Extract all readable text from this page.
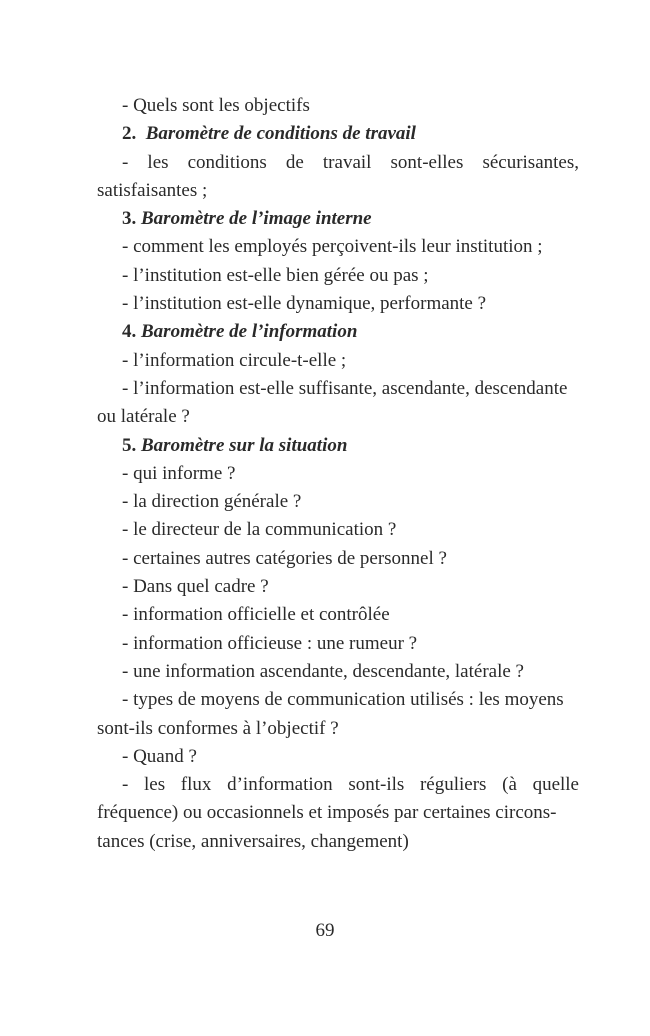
- Quels sont les objectifs
2. Baromètre de conditions de travail
- les conditions de travail sont-elles sécurisantes,
satisfaisantes ;
3. Baromètre de l’image interne
- comment les employés perçoivent-ils leur institution ;
- l’institution est-elle bien gérée ou pas ;
- l’institution est-elle dynamique, performante ?
4. Baromètre de l’information
- l’information circule-t-elle ;
- l’information est-elle suffisante, ascendante, descendante
ou latérale ?
5. Baromètre sur la situation
- qui informe ?
- la direction générale ?
- le directeur de la communication ?
- certaines autres catégories de personnel ?
- Dans quel cadre ?
- information officielle et contrôlée
- information officieuse : une rumeur ?
- une information ascendante, descendante, latérale ?
- types de moyens de communication utilisés : les moyens
sont-ils conformes à l’objectif ?
- Quand ?
- les flux d’information sont-ils réguliers (à quelle
fréquence) ou occasionnels et imposés par certaines circons-
tances (crise, anniversaires, changement)
69
